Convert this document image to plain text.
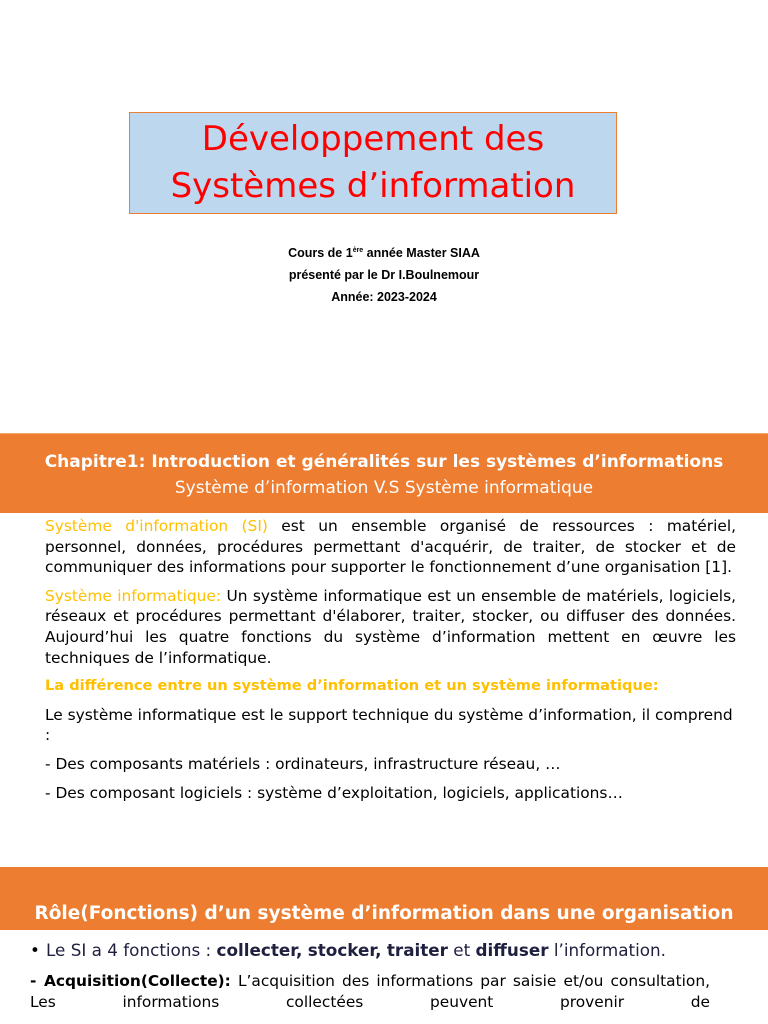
Développement des
Systèmes d’information
Cours de 1ère année Master SIAA
présenté par le Dr I.Boulnemour
Année: 2023-2024
Chapitre1: Introduction et généralités sur les systèmes d’informations
Système d’information V.S Système informatique

Système d'information (SI) est un ensemble organisé de ressources : matériel, personnel, données, procédures permettant d'acquérir, de traiter, de stocker et de communiquer des informations pour supporter le fonctionnement d’une organisation [1].

Système informatique: Un système informatique est un ensemble de matériels, logiciels, réseaux et procédures permettant d'élaborer, traiter, stocker, ou diffuser des données. Aujourd’hui les quatre fonctions du système d’information mettent en œuvre les techniques de l’informatique.

La différence entre un système d’information et un système informatique:

Le système informatique est le support technique du système d’information, il comprend :

- Des composants matériels : ordinateurs, infrastructure réseau, …

- Des composant logiciels : système d’exploitation, logiciels, applications…

Rôle(Fonctions) d’un système d’information dans une organisation
• Le SI a 4 fonctions : collecter, stocker, traiter et diffuser l’information.
- Acquisition(Collecte): L’acquisition des informations par saisie et/ou consultation,
Les informations collectées peuvent provenir de
